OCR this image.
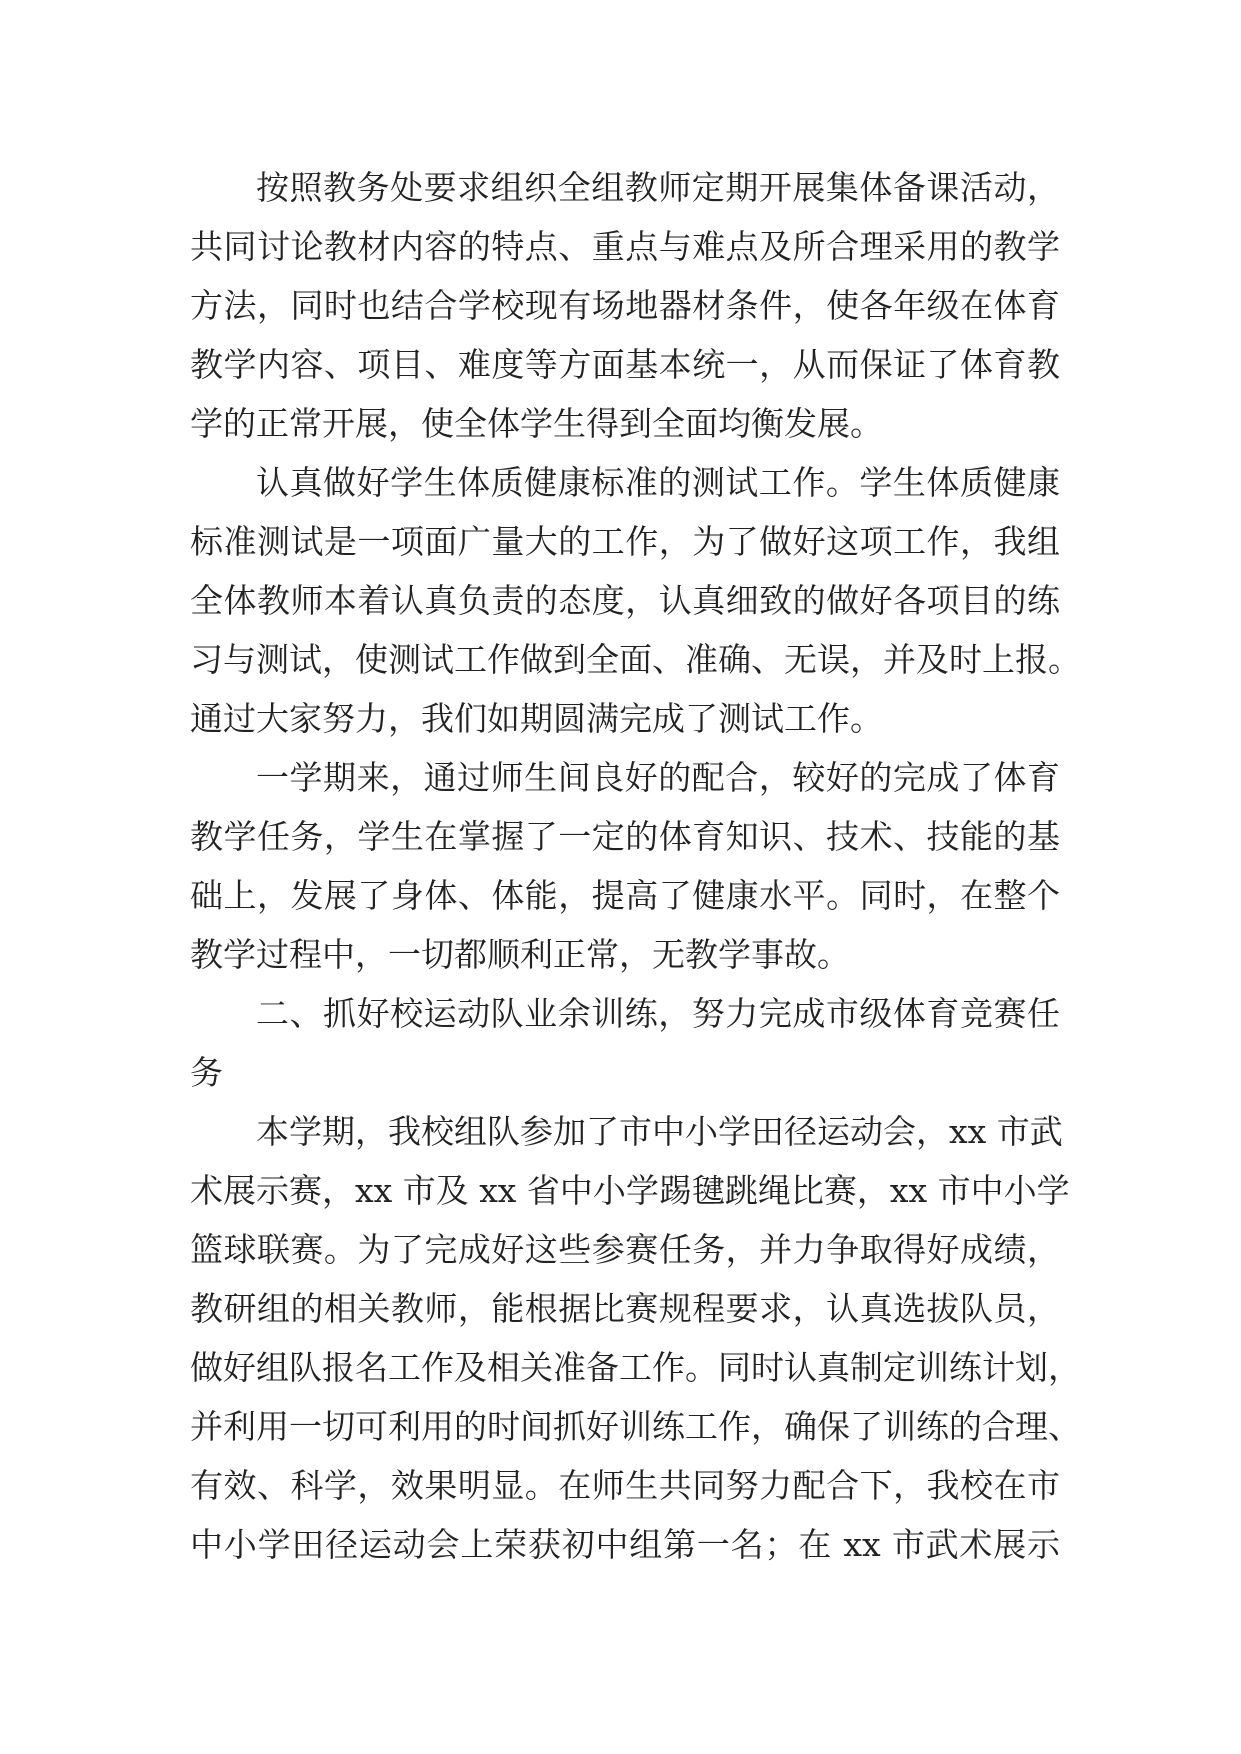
按照教务处要求组织全组教师定期开展集体备课活动，
共同讨论教材内容的特点、重点与难点及所合理采用的教学
方法，同时也结合学校现有场地器材条件，使各年级在体育
教学内容、项目、难度等方面基本统一，从而保证了体育教
学的正常开展，使全体学生得到全面均衡发展。
认真做好学生体质健康标准的测试工作。学生体质健康
标准测试是一项面广量大的工作，为了做好这项工作，我组
全体教师本着认真负责的态度，认真细致的做好各项目的练
习与测试，使测试工作做到全面、准确、无误，并及时上报。
通过大家努力，我们如期圆满完成了测试工作。
一学期来，通过师生间良好的配合，较好的完成了体育
教学任务，学生在掌握了一定的体育知识、技术、技能的基
础上，发展了身体、体能，提高了健康水平。同时，在整个
教学过程中，一切都顺利正常，无教学事故。
二、抓好校运动队业余训练，努力完成市级体育竞赛任
务
本学期，我校组队参加了市中小学田径运动会，xx 市武
术展示赛，xx 市及 xx 省中小学踢毽跳绳比赛，xx 市中小学
篮球联赛。为了完成好这些参赛任务，并力争取得好成绩，
教研组的相关教师，能根据比赛规程要求，认真选拔队员，
做好组队报名工作及相关准备工作。同时认真制定训练计划，
并利用一切可利用的时间抓好训练工作，确保了训练的合理、
有效、科学，效果明显。在师生共同努力配合下，我校在市
中小学田径运动会上荣获初中组第一名；在 xx 市武术展示
